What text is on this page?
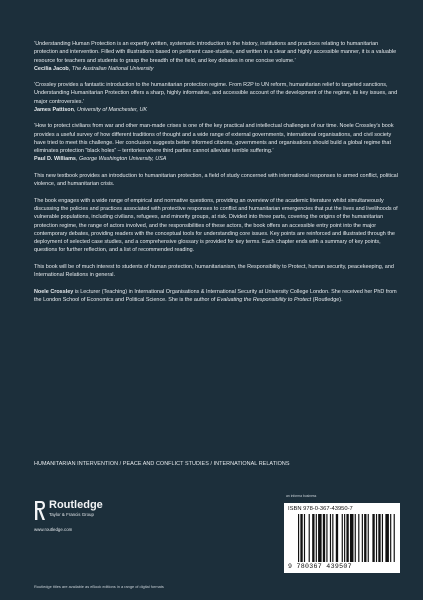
‘Understanding Human Protection is an expertly written, systematic introduction to the history, institutions and practices relating to humanitarian protection and intervention. Filled with illustrations based on pertinent case-studies, and written in a clear and highly accessible manner, it is a valuable resource for teachers and students to grasp the breadth of the field, and key debates in one concise volume.’

Cecilia Jacob, The Australian National University

‘Crossley provides a fantastic introduction to the humanitarian protection regime. From R2P to UN reform, humanitarian relief to targeted sanctions, Understanding Humanitarian Protection offers a sharp, highly informative, and accessible account of the development of the regime, its key issues, and major controversies.’

James Pattison, University of Manchester, UK

‘How to protect civilians from war and other man-made crises is one of the key practical and intellectual challenges of our time. Noele Crossley’s book provides a useful survey of how different traditions of thought and a wide range of external governments, international organisations, and civil society have tried to meet this challenge. Her conclusion suggests better informed citizens, governments and organisations should build a global regime that eliminates protection “black holes” – territories where third parties cannot alleviate terrible suffering.’

Paul D. Williams, George Washington University, USA

This new textbook provides an introduction to humanitarian protection, a field of study concerned with international responses to armed conflict, political violence, and humanitarian crisis.

The book engages with a wide range of empirical and normative questions, providing an overview of the academic literature whilst simultaneously discussing the policies and practices associated with protective responses to conflict and humanitarian emergencies that put the lives and livelihoods of vulnerable populations, including civilians, refugees, and minority groups, at risk. Divided into three parts, covering the origins of the humanitarian protection regime, the range of actors involved, and the responsibilities of these actors, the book offers an accessible entry point into the major contemporary debates, providing readers with the conceptual tools for understanding core issues. Key points are reinforced and illustrated through the deployment of selected case studies, and a comprehensive glossary is provided for key terms. Each chapter ends with a summary of key points, questions for further reflection, and a list of recommended reading.

This book will be of much interest to students of human protection, humanitarianism, the Responsibility to Protect, human security, peacekeeping, and International Relations in general.

Noele Crossley is Lecturer (Teaching) in International Organisations & International Security at University College London. She received her PhD from the London School of Economics and Political Science. She is the author of Evaluating the Responsibility to Protect (Routledge).

HUMANITARIAN INTERVENTION / PEACE AND CONFLICT STUDIES / INTERNATIONAL RELATIONS
Routledge
Taylor & Francis Group
www.routledge.com
an informa business
ISBN 978-0-367-43950-7
9 780367 439507
Routledge titles are available as eBook editions in a range of digital formats
